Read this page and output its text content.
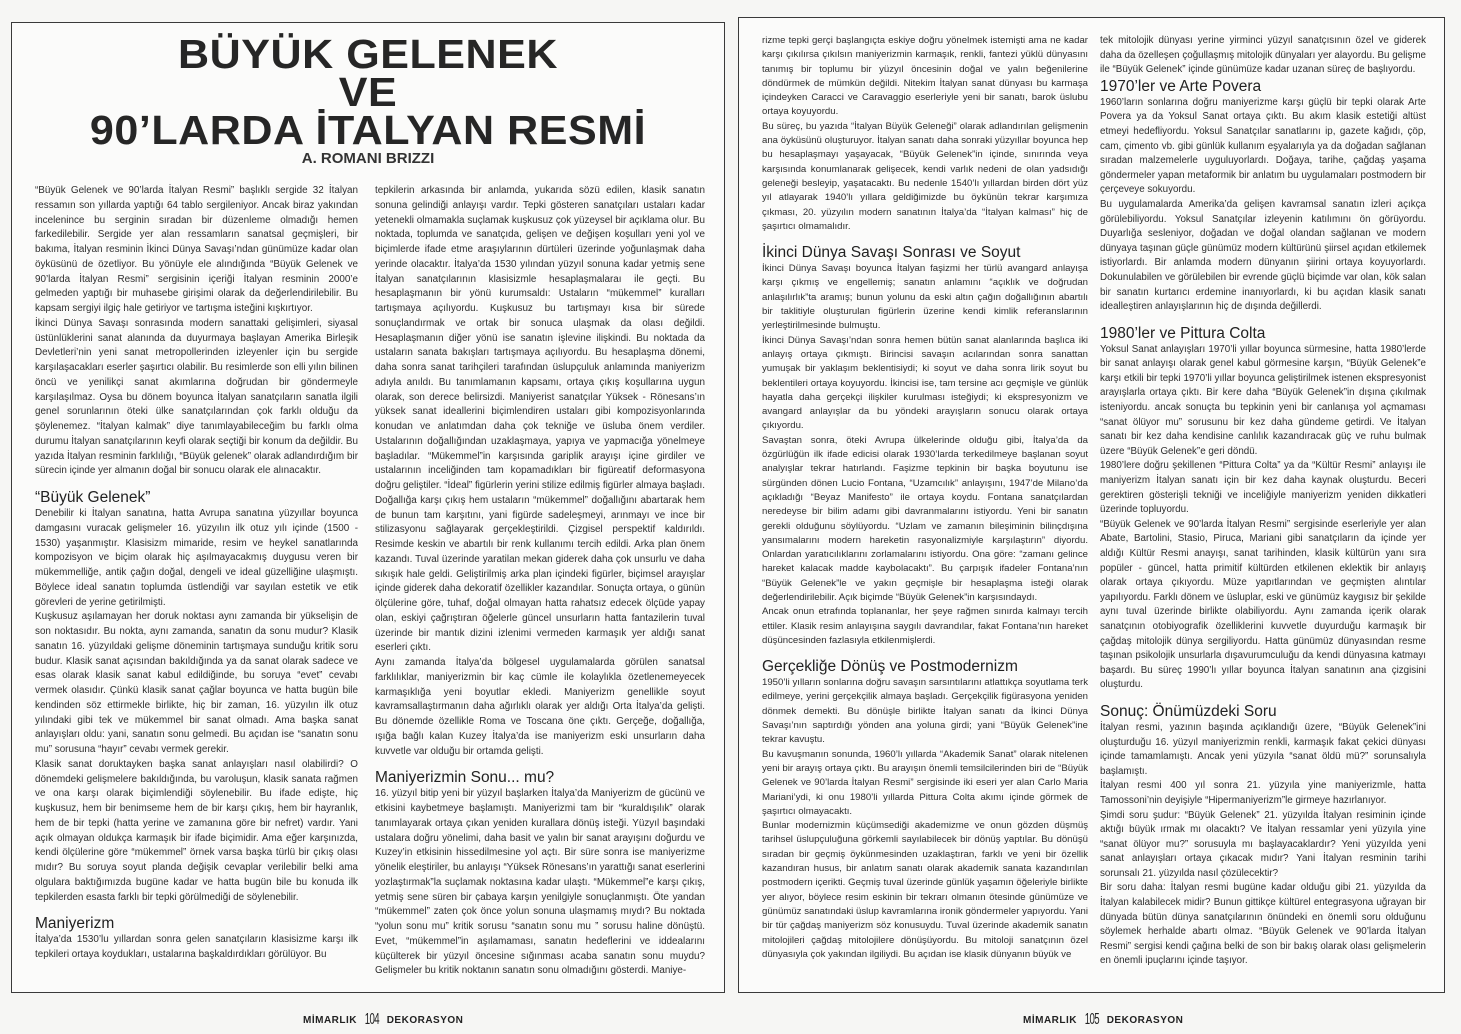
BÜYÜK GELENEK
VE
90’LARDA İTALYAN RESMİ
A. ROMANI BRIZZI

“Büyük Gelenek ve 90’larda İtalyan Resmi” başlıklı sergide 32 İtalyan ressamın son yıllarda yaptığı 64 tablo sergileniyor. Ancak biraz yakından incelenince bu serginin sıradan bir düzenleme olmadığı hemen farkedilebilir. Sergide yer alan ressamların sanatsal geçmişleri, bir bakıma, İtalyan resminin İkinci Dünya Savaşı’ndan günümüze kadar olan öyküsünü de özetliyor. Bu yönüyle ele alındığında “Büyük Gelenek ve 90’larda İtalyan Resmi” sergisinin içeriği İtalyan resminin 2000’e gelmeden yaptığı bir muhasebe girişimi olarak da değerlendirilebilir. Bu kapsam sergiyi ilgiç hale getiriyor ve tartışma isteğini kışkırtıyor.

İkinci Dünya Savaşı sonrasında modern sanattaki gelişimleri, siyasal üstünlüklerini sanat alanında da duyurmaya başlayan Amerika Birleşik Devletleri’nin yeni sanat metropollerinden izleyenler için bu sergide karşılaşacakları eserler şaşırtıcı olabilir. Bu resimlerde son elli yılın bilinen öncü ve yenilikçi sanat akımlarına doğrudan bir göndermeyle karşılaşılmaz. Oysa bu dönem boyunca İtalyan sanatçıların sanatla ilgili genel sorunlarının öteki ülke sanatçılarından çok farklı olduğu da şöylenemez. “İtalyan kalmak” diye tanımlayabileceğim bu farklı olma durumu İtalyan sanatçılarının keyfi olarak seçtiği bir konum da değildir. Bu yazıda İtalyan resminin farklılığı, “Büyük gelenek” olarak adlandırdığım bir sürecin içinde yer almanın doğal bir sonucu olarak ele alınacaktır.

“Büyük Gelenek”

Denebilir ki İtalyan sanatına, hatta Avrupa sanatına yüzyıllar boyunca damgasını vuracak gelişmeler 16. yüzyılın ilk otuz yılı içinde (1500 - 1530) yaşanmıştır. Klasisizm mimaride, resim ve heykel sanatlarında kompozisyon ve biçim olarak hiç aşılmayacakmış duygusu veren bir mükemmelliğe, antik çağın doğal, dengeli ve ideal güzelliğine ulaşmıştı. Böylece ideal sanatın toplumda üstlendiği var sayılan estetik ve etik görevleri de yerine getirilmişti.

Kuşkusuz aşılamayan her doruk noktası aynı zamanda bir yükselişin de son noktasıdır. Bu nokta, aynı zamanda, sanatın da sonu mudur? Klasik sanatın 16. yüzyıldaki gelişme döneminin tartışmaya sunduğu kritik soru budur. Klasik sanat açısından bakıldığında ya da sanat olarak sadece ve esas olarak klasik sanat kabul edildiğinde, bu soruya “evet” cevabı vermek olasıdır. Çünkü klasik sanat çağlar boyunca ve hatta bugün bile kendinden söz ettirmekle birlikte, hiç bir zaman, 16. yüzyılın ilk otuz yılındaki gibi tek ve mükemmel bir sanat olmadı. Ama başka sanat anlayışları oldu: yani, sanatın sonu gelmedi. Bu açıdan ise “sanatın sonu mu” sorusuna “hayır” cevabı vermek gerekir.

Klasik sanat doruktayken başka sanat anlayışları nasıl olabilirdi? O dönemdeki gelişmelere bakıldığında, bu varoluşun, klasik sanata rağmen ve ona karşı olarak biçimlendiği söylenebilir. Bu ifade edişte, hiç kuşkusuz, hem bir benimseme hem de bir karşı çıkış, hem bir hayranlık, hem de bir tepki (hatta yerine ve zamanına göre bir nefret) vardır. Yani açık olmayan oldukça karmaşık bir ifade biçimidir. Ama eğer karşınızda, kendi ölçülerine göre “mükemmel” örnek varsa başka türlü bir çıkış olası mıdır? Bu soruya soyut planda değişik cevaplar verilebilir belki ama olgulara baktığımızda bugüne kadar ve hatta bugün bile bu konuda ilk tepkilerden esasta farklı bir tepki görülmediği de söylenebilir.

Maniyerizm

İtalya’da 1530’lu yıllardan sonra gelen sanatçıların klasisizme karşı ilk tepkileri ortaya koydukları, ustalarına başkaldırdıkları görülüyor. Bu

tepkilerin arkasında bir anlamda, yukarıda sözü edilen, klasik sanatın sonuna gelindiği anlayışı vardır. Tepki gösteren sanatçıları ustaları kadar yetenekli olmamakla suçlamak kuşkusuz çok yüzeysel bir açıklama olur. Bu noktada, toplumda ve sanatçıda, gelişen ve değişen koşulları yeni yol ve biçimlerde ifade etme araşıylarının dürtüleri üzerinde yoğunlaşmak daha yerinde olacaktır. İtalya’da 1530 yılından yüzyıl sonuna kadar yetmiş sene İtalyan sanatçılarının klasisizmle hesaplaşmalaraı ile geçti. Bu hesaplaşmanın bir yönü kurumsaldı: Ustaların “mükemmel” kuralları tartışmaya açılıyordu. Kuşkusuz bu tartışmayı kısa bir sürede sonuçlandırmak ve ortak bir sonuca ulaşmak da olası değildi. Hesaplaşmanın diğer yönü ise sanatın işlevine ilişkindi. Bu noktada da ustaların sanata bakışları tartışmaya açılıyordu. Bu hesaplaşma dönemi, daha sonra sanat tarihçileri tarafından üslupçuluk anlamında maniyerizm adıyla anıldı. Bu tanımlamanın kapsamı, ortaya çıkış koşullarına uygun olarak, son derece belirsizdi. Maniyerist sanatçılar Yüksek - Rönesans’ın yüksek sanat ideallerini biçimlendiren ustaları gibi kompozisyonlarında konudan ve anlatımdan daha çok tekniğe ve üsluba önem verdiler. Ustalarının doğallığından uzaklaşmaya, yapıya ve yapmacığa yönelmeye başladılar. “Mükemmel”in karşısında gariplik arayışı içine girdiler ve ustalarının inceliğinden tam kopamadıkları bir figüreatif deformasyona doğru geliştiler. “İdeal” figürlerin yerini stilize edilmiş figürler almaya başladı. Doğallığa karşı çıkış hem ustaların “mükemmel” doğallığını abartarak hem de bunun tam karşıtını, yani figürde sadeleşmeyi, arınmayı ve ince bir stilizasyonu sağlayarak gerçekleştirildi. Çizgisel perspektif kaldırıldı. Resimde keskin ve abartılı bir renk kullanımı tercih edildi. Arka plan önem kazandı. Tuval üzerinde yaratilan mekan giderek daha çok unsurlu ve daha sıkışık hale geldi. Geliştirilmiş arka plan içindeki figürler, biçimsel arayışlar içinde giderek daha dekoratif özellikler kazandılar. Sonuçta ortaya, o günün ölçülerine göre, tuhaf, doğal olmayan hatta rahatsız edecek ölçüde yapay olan, eskiyi çağrıştıran öğelerle güncel unsurların hatta fantazilerin tuval üzerinde bir mantık dizini izlenimi vermeden karmaşık yer aldığı sanat eserleri çıktı.

Aynı zamanda İtalya’da bölgesel uygulamalarda görülen sanatsal farklılıklar, maniyerizmin bir kaç cümle ile kolaylıkla özetlenemeyecek karmaşıklığa yeni boyutlar ekledi. Maniyerizm genellikle soyut kavramsallaştırmanın daha ağırlıklı olarak yer aldığı Orta İtalya’da gelişti. Bu dönemde özellikle Roma ve Toscana öne çıktı. Gerçeğe, doğallığa, ışığa bağlı kalan Kuzey İtalya’da ise maniyerizm eski unsurların daha kuvvetle var olduğu bir ortamda gelişti.

Maniyerizmin Sonu... mu?

16. yüzyıl bitip yeni bir yüzyıl başlarken İtalya’da Maniyerizm de gücünü ve etkisini kaybetmeye başlamıştı. Maniyerizmi tam bir “kuraldışılık” olarak tanımlayarak ortaya çıkan yeniden kurallara dönüş isteği. Yüzyıl başındaki ustalara doğru yönelimi, daha basit ve yalın bir sanat arayışını doğurdu ve Kuzey’in etkisinin hissedilmesine yol açtı. Bir süre sonra ise maniyerizme yönelik eleştiriler, bu anlayışı “Yüksek Rönesans’ın yarattığı sanat eserlerini yozlaştırmak”la suçlamak noktasına kadar ulaştı. “Mükemmel”e karşı çıkış, yetmiş sene süren bir çabaya karşın yenilgiyle sonuçlanmıştı. Öte yandan “mükemmel” zaten çok önce yolun sonuna ulaşmamış mıydı? Bu noktada “yolun sonu mu” kritik sorusu “sanatın sonu mu ” sorusu haline dönüştü. Evet, “mükemmel”in aşılamaması, sanatın hedeflerini ve iddealarını küçülterek bir yüzyıl öncesine sığınması acaba sanatın sonu muydu? Gelişmeler bu kritik noktanın sanatın sonu olmadığını gösterdi. Maniye-

MİMARLIK 104 DEKORASYON

rizme tepki gerçi başlangıçta eskiye doğru yönelmek istemişti ama ne kadar karşı çıkılırsa çıkılsın maniyerizmin karmaşık, renkli, fantezi yüklü dünyasını tanımış bir toplumu bir yüzyıl öncesinin doğal ve yalın beğenilerine döndürmek de mümkün değildi. Nitekim İtalyan sanat dünyası bu karmaşa içindeyken Caracci ve Caravaggio eserleriyle yeni bir sanatı, barok üslubu ortaya koyuyordu.

Bu süreç, bu yazıda “İtalyan Büyük Geleneği” olarak adlandırılan gelişmenin ana öyküsünü oluşturuyor. İtalyan sanatı daha sonraki yüzyıllar boyunca hep bu hesaplaşmayı yaşayacak, “Büyük Gelenek”in içinde, sınırında veya karşısında konumlanarak gelişecek, kendi varlık nedeni de olan yadsıdığı geleneği besleyip, yaşatacaktı. Bu nedenle 1540’lı yıllardan birden dört yüz yıl atlayarak 1940’lı yıllara geldiğimizde bu öykünün tekrar karşımıza çıkması, 20. yüzyılın modern sanatının İtalya’da “İtalyan kalması” hiç de şaşırtıcı olmamalıdır.

İkinci Dünya Savaşı Sonrası ve Soyut

İkinci Dünya Savaşı boyunca İtalyan faşizmi her türlü avangard anlayışa karşı çıkmış ve engellemiş; sanatın anlamını “açıklık ve doğrudan anlaşılırlık”ta aramış; bunun yolunu da eski altın çağın doğallığının abartılı bir taklitiyle oluşturulan figürlerin üzerine kendi kimlik referanslarının yerleştirilmesinde bulmuştu.

İkinci Dünya Savaşı’ndan sonra hemen bütün sanat alanlarında başlıca iki anlayış ortaya çıkmıştı. Birincisi savaşın acılarından sonra sanattan yumuşak bir yaklaşım beklentisiydi; ki soyut ve daha sonra lirik soyut bu beklentileri ortaya koyuyordu. İkincisi ise, tam tersine acı geçmişle ve günlük hayatla daha gerçekçi ilişkiler kurulması isteğiydi; ki ekspresyonizm ve avangard anlayışlar da bu yöndeki arayışların sonucu olarak ortaya çıkıyordu.

Savaştan sonra, öteki Avrupa ülkelerinde olduğu gibi, İtalya’da da özgürlüğün ilk ifade edicisi olarak 1930’larda terkedilmeye başlanan soyut analyışlar tekrar hatırlandı. Faşizme tepkinin bir başka boyutunu ise sürgünden dönen Lucio Fontana, “Uzamcılık” anlayışını, 1947’de Milano’da açıkladığı “Beyaz Manifesto” ile ortaya koydu. Fontana sanatçılardan neredeyse bir bilim adamı gibi davranmalarını istiyordu. Yeni bir sanatın gerekli olduğunu söylüyordu. “Uzlam ve zamanın bileşiminin bilinçdışına yansımalarını modern hareketin rasyonalizmiyle karşılaştırın” diyordu. Onlardan yaratıcılıklarını zorlamalarını istiyordu. Ona göre: “zamanı gelince hareket kalacak madde kaybolacaktı”. Bu çarpışık ifadeler Fontana’nın “Büyük Gelenek”le ve yakın geçmişle bir hesaplaşma isteği olarak değerlendirilebilir. Açık biçimde “Büyük Gelenek”in karşısındaydı.

Ancak onun etrafında toplananlar, her şeye rağmen sınırda kalmayı tercih ettiler. Klasik resim anlayışına saygılı davrandılar, fakat Fontana’nın hareket düşüncesinden fazlasıyla etkilenmişlerdi.

Gerçekliğe Dönüş ve Postmodernizm

1950’li yılların sonlarına doğru savaşın sarsıntılarını atlattıkça soyutlama terk edilmeye, yerini gerçekçilik almaya başladı. Gerçekçilik figürasyona yeniden dönmek demekti. Bu dönüşle birlikte İtalyan sanatı da İkinci Dünya Savaşı’nın saptırdığı yönden ana yoluna girdi; yani “Büyük Gelenek”ine tekrar kavuştu.

Bu kavuşmanın sonunda, 1960’lı yıllarda “Akademik Sanat” olarak nitelenen yeni bir arayış ortaya çıktı. Bu arayışın önemli temsilcilerinden biri de “Büyük Gelenek ve 90’larda İtalyan Resmi” sergisinde iki eseri yer alan Carlo Maria Mariani’ydi, ki onu 1980’li yıllarda Pittura Colta akımı içinde görmek de şaşırtıcı olmayacaktı.

Bunlar modernizmin küçümsediği akademizme ve onun gözden düşmüş tarihsel üslupçuluğuna görkemli sayılabilecek bir dönüş yaptılar. Bu dönüşü sıradan bir geçmiş öykünmesinden uzaklaştıran, farklı ve yeni bir özellik kazandıran husus, bir anlatım sanatı olarak akademik sanata kazandırılan postmodern içerikti. Geçmiş tuval üzerinde günlük yaşamın öğeleriyle birlikte yer alıyor, böylece resim eskinin bir tekrarı olmanın ötesinde günümüze ve günümüz sanatındaki üslup kavramlarına ironik göndermeler yapıyordu. Yani bir tür çağdaş maniyerizm söz konusuydu. Tuval üzerinde akademik sanatın mitolojileri çağdaş mitolojilere dönüşüyordu. Bu mitoloji sanatçının özel dünyasıyla çok yakından ilgiliydi. Bu açıdan ise klasik dünyanın büyük ve

tek mitolojik dünyası yerine yirminci yüzyıl sanatçısının özel ve giderek daha da özelleşen çoğullaşmış mitolojik dünyaları yer alayordu. Bu gelişme ile “Büyük Gelenek” içinde günümüze kadar uzanan süreç de başlıyordu.

1970’ler ve Arte Povera

1960’ların sonlarına doğru maniyerizme karşı güçlü bir tepki olarak Arte Povera ya da Yoksul Sanat ortaya çıktı. Bu akım klasik estetiği altüst etmeyi hedefliyordu. Yoksul Sanatçılar sanatlarını ip, gazete kağıdı, çöp, cam, çimento vb. gibi günlük kullanım eşyalarıyla ya da doğadan sağlanan sıradan malzemelerle uyguluyorlardı. Doğaya, tarihe, çağdaş yaşama göndermeler yapan metaformik bir anlatım bu uygulamaları postmodern bir çerçeveye sokuyordu.

Bu uygulamalarda Amerika’da gelişen kavramsal sanatın izleri açıkça görülebiliyordu. Yoksul Sanatçılar izleyenin katılımını ön görüyordu. Duyarlığa sesleniyor, doğadan ve doğal olandan sağlanan ve modern dünyaya taşınan güçle günümüz modern kültürünü şiirsel açıdan etkilemek istiyorlardı. Bir anlamda modern dünyanın şiirini ortaya koyuyorlardı. Dokunulabilen ve görülebilen bir evrende güçlü biçimde var olan, kök salan bir sanatın kurtarıcı erdemine inanıyorlardı, ki bu açıdan klasik sanatı idealleştiren anlayışlarının hiç de dışında değillerdi.

1980’ler ve Pittura Colta

Yoksul Sanat anlayışları 1970’li yıllar boyunca sürmesine, hatta 1980’lerde bir sanat anlayışı olarak genel kabul görmesine karşın, “Büyük Gelenek”e karşı etkili bir tepki 1970’li yıllar boyunca geliştirilmek istenen ekspresyonist arayışlarla ortaya çıktı. Bir kere daha “Büyük Gelenek”in dışına çıkılmak isteniyordu. ancak sonuçta bu tepkinin yeni bir canlanışa yol açmaması “sanat ölüyor mu” sorusunu bir kez daha gündeme getirdi. Ve İtalyan sanatı bir kez daha kendisine canlılık kazandıracak güç ve ruhu bulmak üzere “Büyük Gelenek”e geri döndü.

1980’lere doğru şekillenen “Pittura Colta” ya da “Kültür Resmi” anlayışı ile maniyerizm İtalyan sanatı için bir kez daha kaynak oluşturdu. Beceri gerektiren gösterişli tekniği ve inceliğiyle maniyerizm yeniden dikkatleri üzerinde topluyordu.

“Büyük Gelenek ve 90’larda İtalyan Resmi” sergisinde eserleriyle yer alan Abate, Bartolini, Stasio, Piruca, Mariani gibi sanatçıların da içinde yer aldığı Kültür Resmi anayışı, sanat tarihinden, klasik kültürün yanı sıra popüler - güncel, hatta primitif kültürden etkilenen eklektik bir anlayış olarak ortaya çıkıyordu. Müze yapıtlarından ve geçmişten alıntılar yapılıyordu. Farklı dönem ve üsluplar, eski ve günümüz kaygısız bir şekilde aynı tuval üzerinde birlikte olabiliyordu. Aynı zamanda içerik olarak sanatçının otobiyografik özelliklerini kuvvetle duyurduğu karmaşık bir çağdaş mitolojik dünya sergiliyordu. Hatta günümüz dünyasından resme taşınan psikolojik unsurlarla dışavurumculuğu da kendi dünyasına katmayı başardı. Bu süreç 1990’lı yıllar boyunca İtalyan sanatının ana çizgisini oluşturdu.

Sonuç: Önümüzdeki Soru

İtalyan resmi, yazının başında açıklandığı üzere, “Büyük Gelenek”ini oluşturduğu 16. yüzyıl maniyerizmin renkli, karmaşık fakat çekici dünyası içinde tamamlamıştı. Ancak yeni yüzyıla “sanat öldü mü?” sorunsalıyla başlamıştı.

İtalyan resmi 400 yıl sonra 21. yüzyıla yine maniyerizmle, hatta Tamossoni’nin deyişiyle “Hipermaniyerizm”le girmeye hazırlanıyor.

Şimdi soru şudur: “Büyük Gelenek” 21. yüzyılda İtalyan resiminin içinde aktığı büyük ırmak mı olacaktı? Ve İtalyan ressamlar yeni yüzyıla yine “sanat ölüyor mu?” sorusuyla mı başlayacaklardır? Yeni yüzyılda yeni sanat anlayışları ortaya çıkacak mıdır? Yani İtalyan resminin tarihi sorunsalı 21. yüzyılda nasıl çözülecektir?

Bir soru daha: İtalyan resmi bugüne kadar olduğu gibi 21. yüzyılda da İtalyan kalabilecek midir? Bunun gittikçe kültürel entegrasyona uğrayan bir dünyada bütün dünya sanatçılarının önündeki en önemli soru olduğunu söylemek herhalde abartı olmaz. “Büyük Gelenek ve 90’larda İtalyan Resmi” sergisi kendi çağına belki de son bir bakış olarak olası gelişmelerin en önemli ipuçlarını içinde taşıyor.

MİMARLIK 105 DEKORASYON
